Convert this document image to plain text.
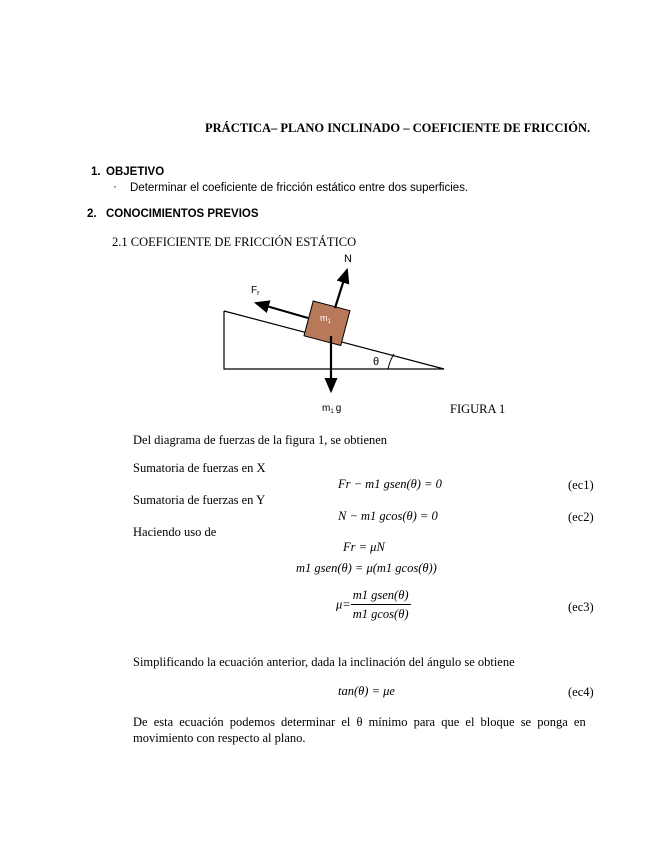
PRÁCTICA– PLANO INCLINADO – COEFICIENTE DE FRICCIÓN.
1. OBJETIVO
· Determinar el coeficiente de fricción estático entre dos superficies.
2. CONOCIMIENTOS PREVIOS
2.1 COEFICIENTE DE FRICCIÓN ESTÁTICO
N
$F_r$
$m_1$
θ
$m_1$ g	FIGURA 1
Del diagrama de fuerzas de la figura 1, se obtienen
Sumatoria de fuerzas en X
Fr − m1 gsen(θ) = 0	(ec1)
Sumatoria de fuerzas en Y
N − m1 gcos(θ) = 0	(ec2)
Haciendo uso de
Fr = μN
m1 gsen(θ) = μ(m1 gcos(θ))
$\mu= \frac{\text{m1 gsen(θ)}}{m1 gcos(\theta)}$	(ec3)
Simplificando la ecuación anterior, dada la inclinación del ángulo se obtiene
tan(θ) = μe	(ec4)
De esta ecuación podemos determinar el θ mínimo para que el bloque se ponga en
movimiento con respecto al plano.
